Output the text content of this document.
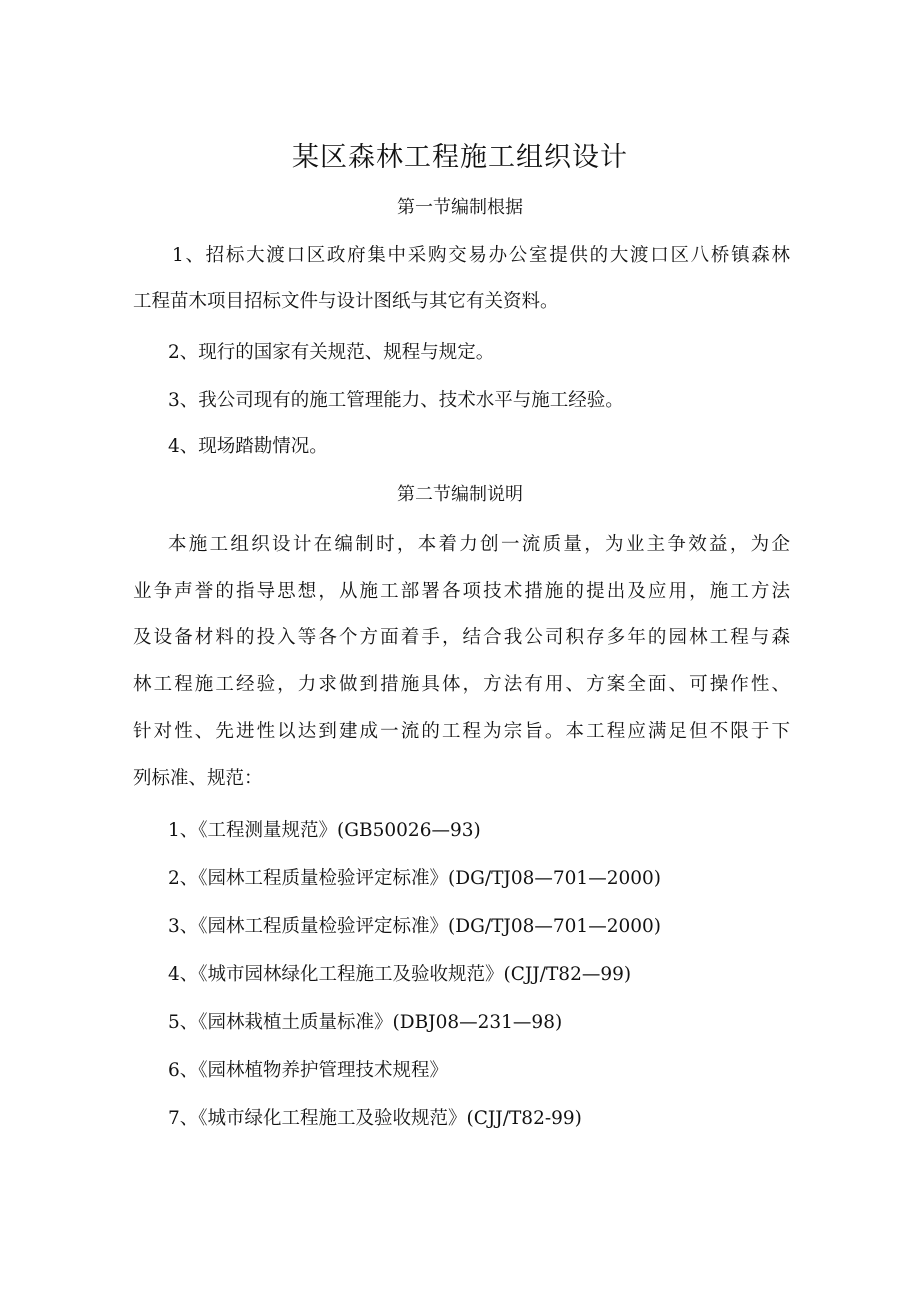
某区森林工程施工组织设计
第一节编制根据
1、招标大渡口区政府集中采购交易办公室提供的大渡口区八桥镇森林
工程苗木项目招标文件与设计图纸与其它有关资料。
2、现行的国家有关规范、规程与规定。
3、我公司现有的施工管理能力、技术水平与施工经验。
4、现场踏勘情况。
第二节编制说明
本施工组织设计在编制时，本着力创一流质量，为业主争效益，为企
业争声誉的指导思想，从施工部署各项技术措施的提出及应用，施工方法
及设备材料的投入等各个方面着手，结合我公司积存多年的园林工程与森
林工程施工经验，力求做到措施具体，方法有用、方案全面、可操作性、
针对性、先进性以达到建成一流的工程为宗旨。本工程应满足但不限于下
列标准、规范：
1、《工程测量规范》(GB50026—93)
2、《园林工程质量检验评定标准》(DG/TJ08—701—2000)
3、《园林工程质量检验评定标准》(DG/TJ08—701—2000)
4、《城市园林绿化工程施工及验收规范》(CJJ/T82—99)
5、《园林栽植土质量标准》(DBJ08—231—98)
6、《园林植物养护管理技术规程》
7、《城市绿化工程施工及验收规范》(CJJ/T82-99)
